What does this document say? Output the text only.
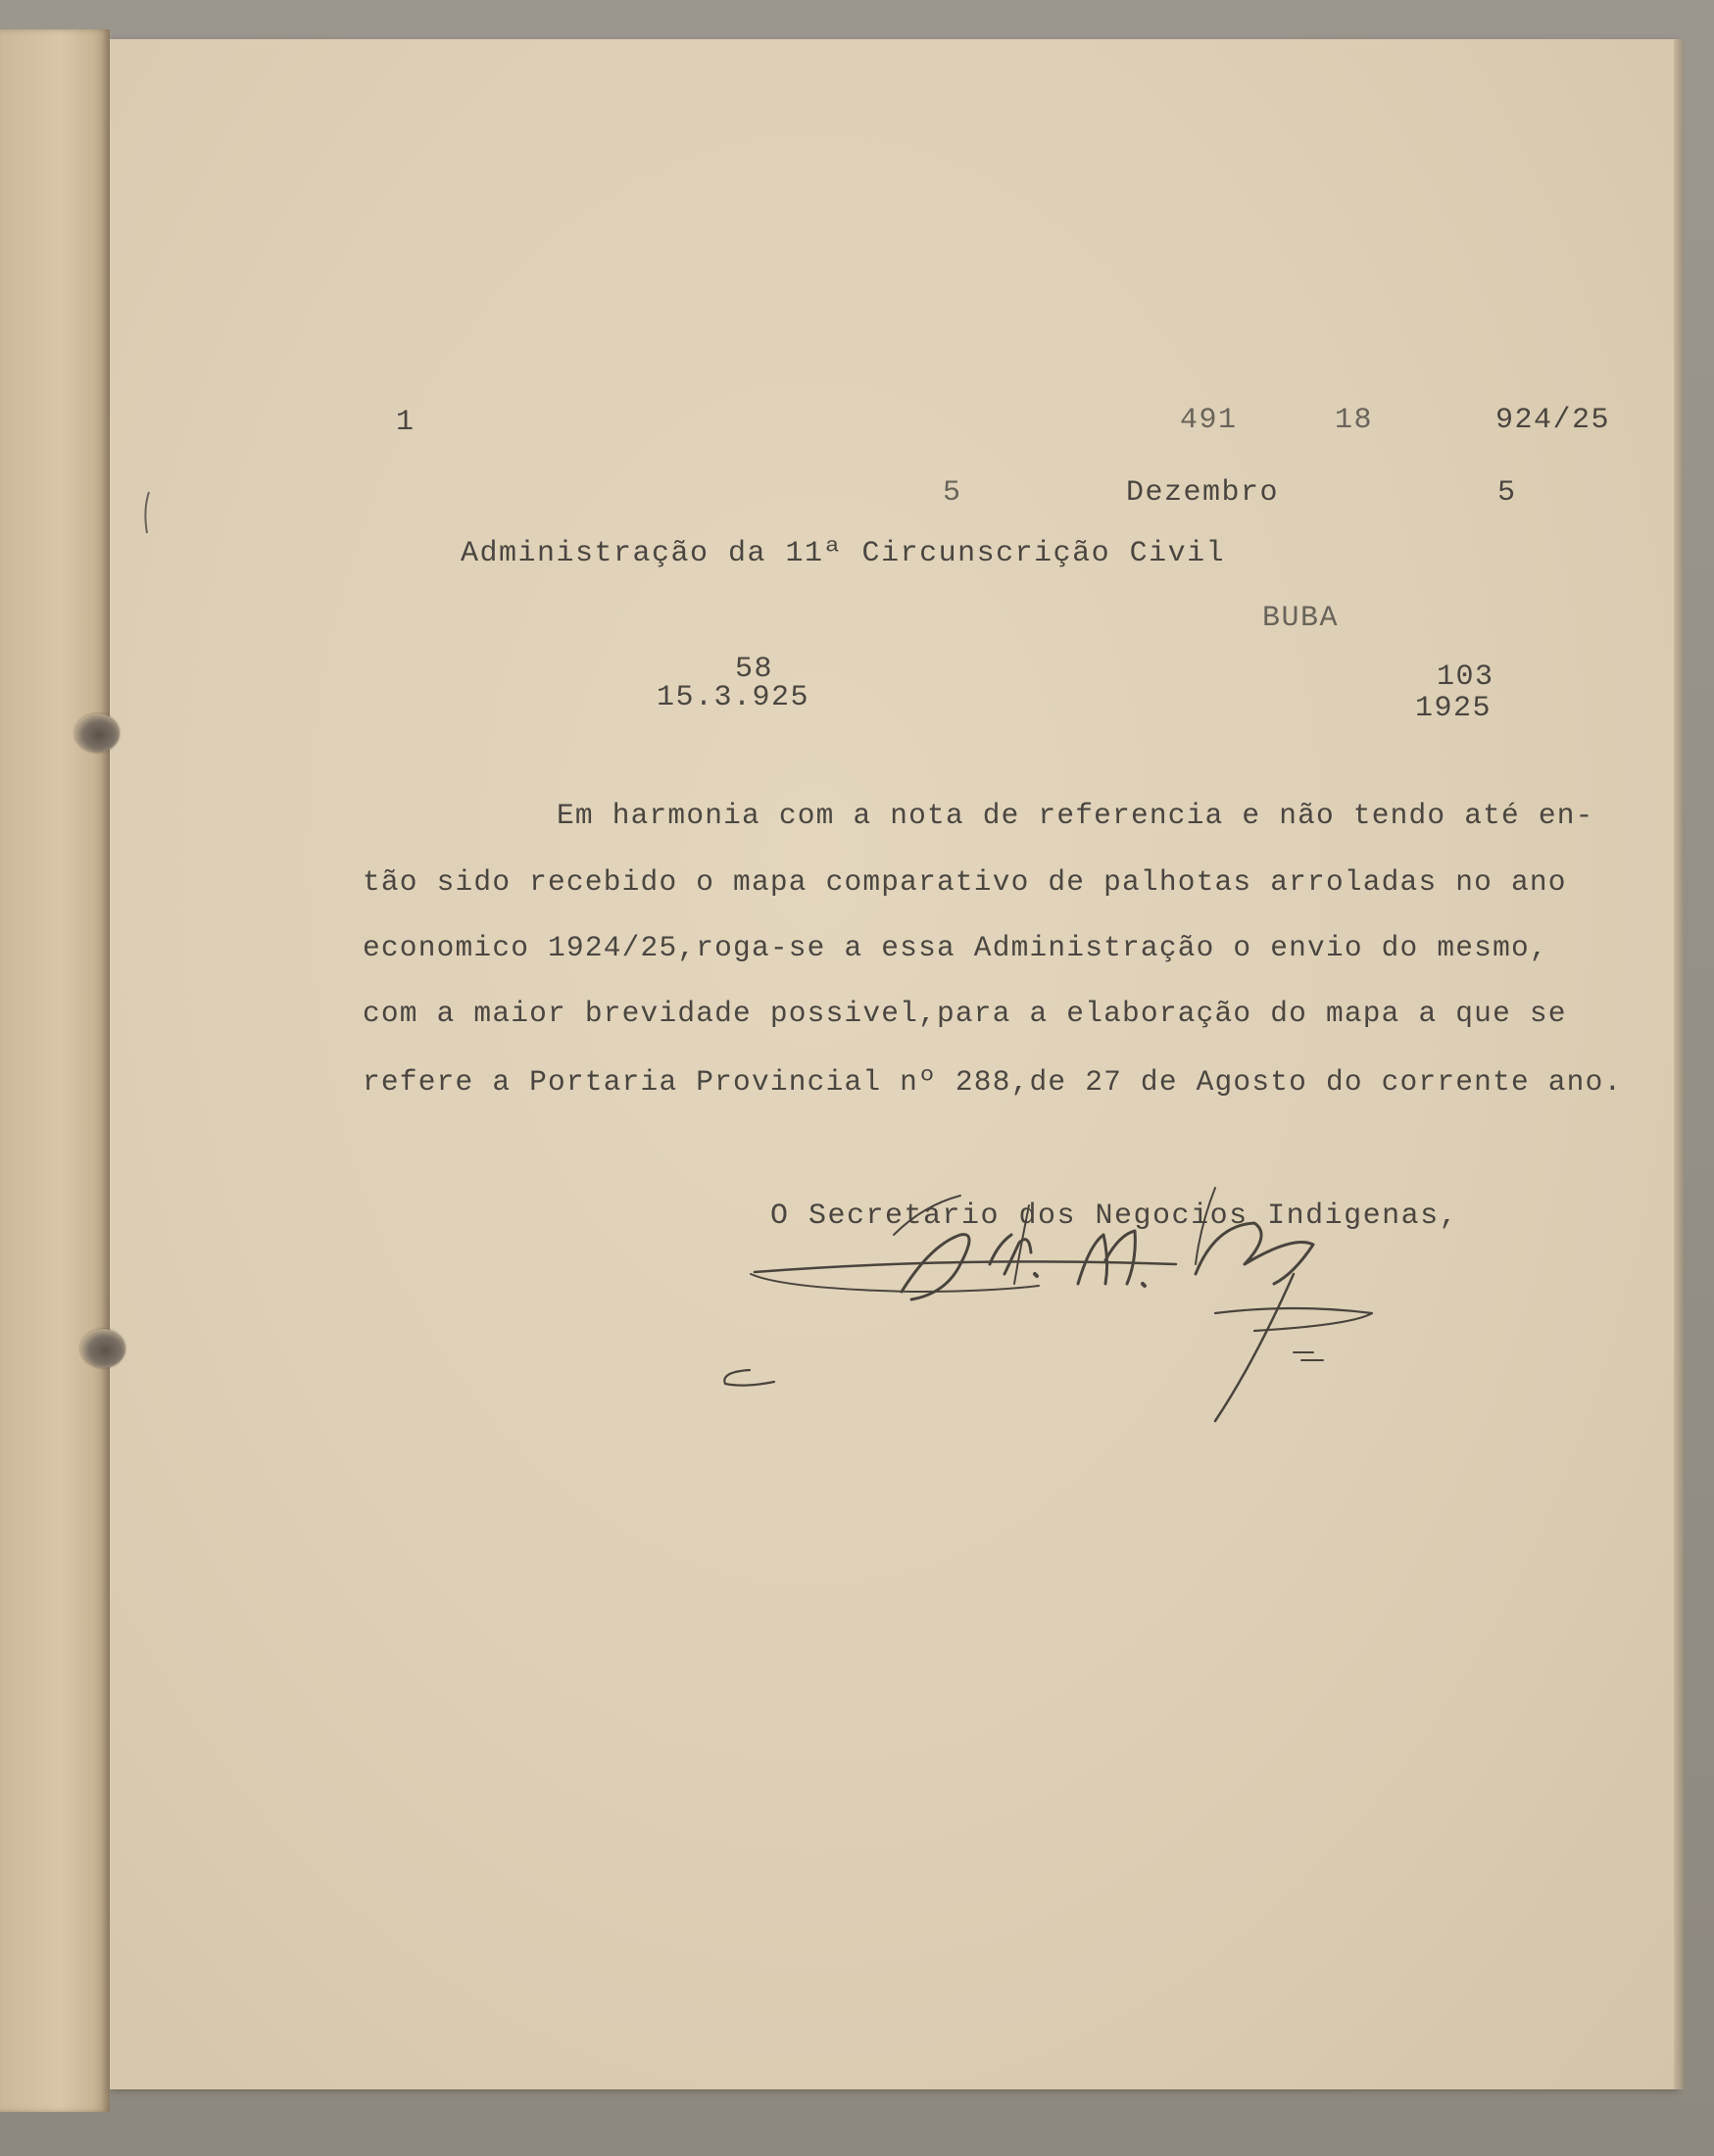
1	491	18	924/25
5	Dezembro	5
Administração da 11ª Circunscrição Civil
BUBA
58
15.3.925
103
1925
Em harmonia com a nota de referencia e não tendo até en-
tão sido recebido o mapa comparativo de palhotas arroladas no ano
economico 1924/25,roga-se a essa Administração o envio do mesmo,
com a maior brevidade possivel,para a elaboração do mapa a que se
refere a Portaria Provincial nº 288,de 27 de Agosto do corrente ano.
O Secretario dos Negocios Indigenas,
